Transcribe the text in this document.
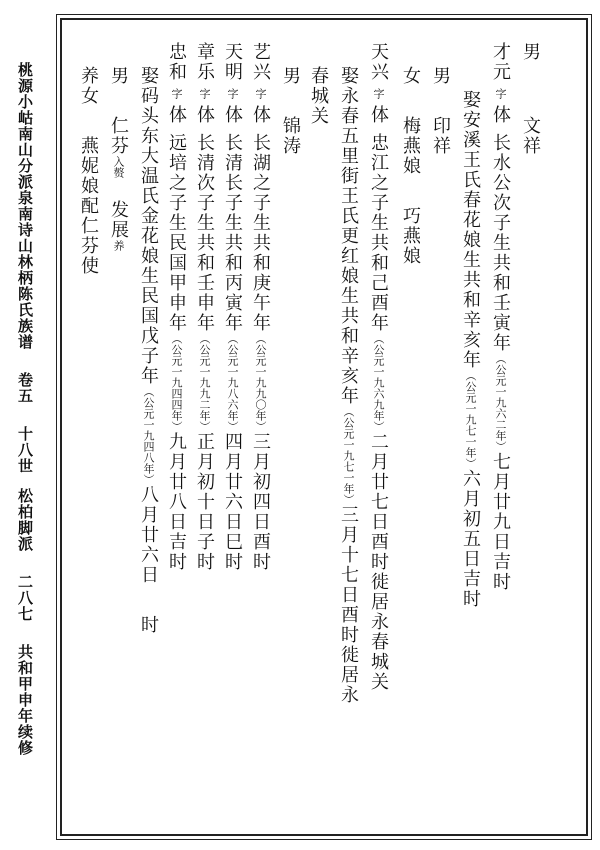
桃源小岵南山分派泉南诗山林柄陈氏族谱卷五十八世松柏脚派二八七共和甲申年续修
男文祥
才元字体长水公次子生共和壬寅年（公元一九六二年）七月廿九日吉时
娶安溪王氏春花娘生共和辛亥年（公元一九七一年）六月初五日吉时
男印祥
女梅燕娘巧燕娘
天兴字体忠江之子生共和己酉年（公元一九六九年）二月廿七日酉时徙居永春城关
娶永春五里街王氏更红娘生共和辛亥年（公元一九七一年）三月十七日酉时徙居永
春城关
男锦涛
艺兴字体长湖之子生共和庚午年（公元一九九〇年）三月初四日酉时
天明字体长清长子生共和丙寅年（公元一九八六年）四月廿六日巳时
章乐字体长清次子生共和壬申年（公元一九九二年）正月初十日子时
忠和字体远培之子生民国甲申年（公元一九四四年）九月廿八日吉时
娶码头东大温氏金花娘生民国戊子年（公元一九四八年）八月廿六日时
男仁芬入赘发展养
养女燕妮娘配仁芬使
